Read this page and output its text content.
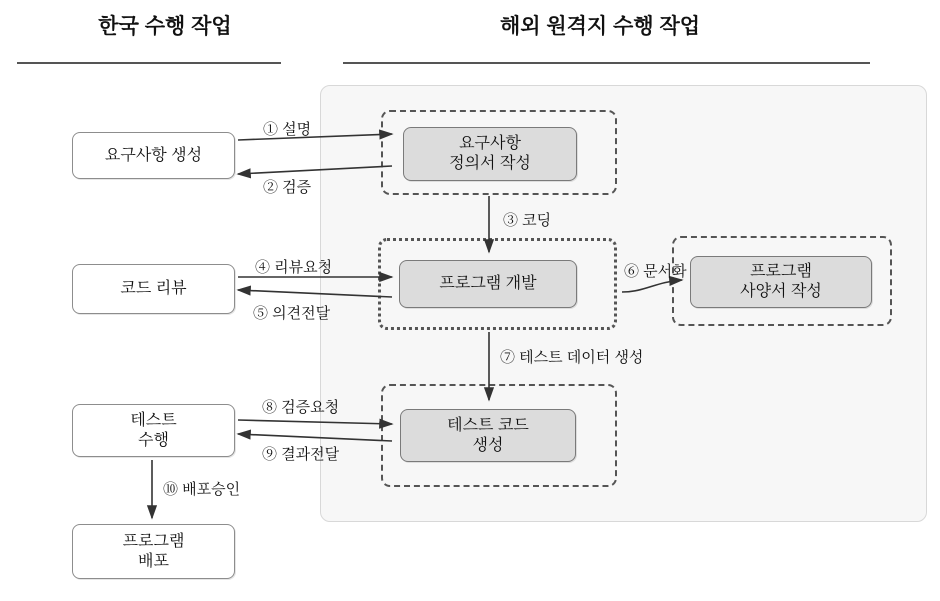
한국 수행 작업	해외 원격지 수행 작업
요구사항 생성
코드 리뷰
테스트
수행
프로그램
배포
요구사항
정의서 작성
프로그램 개발
프로그램
사양서 작성
테스트 코드
생성
① 설명
② 검증
③ 코딩
④ 리뷰요청
⑤ 의견전달
⑥ 문서화
⑦ 테스트 데이터 생성
⑧ 검증요청
⑨ 결과전달
⑩ 배포승인
